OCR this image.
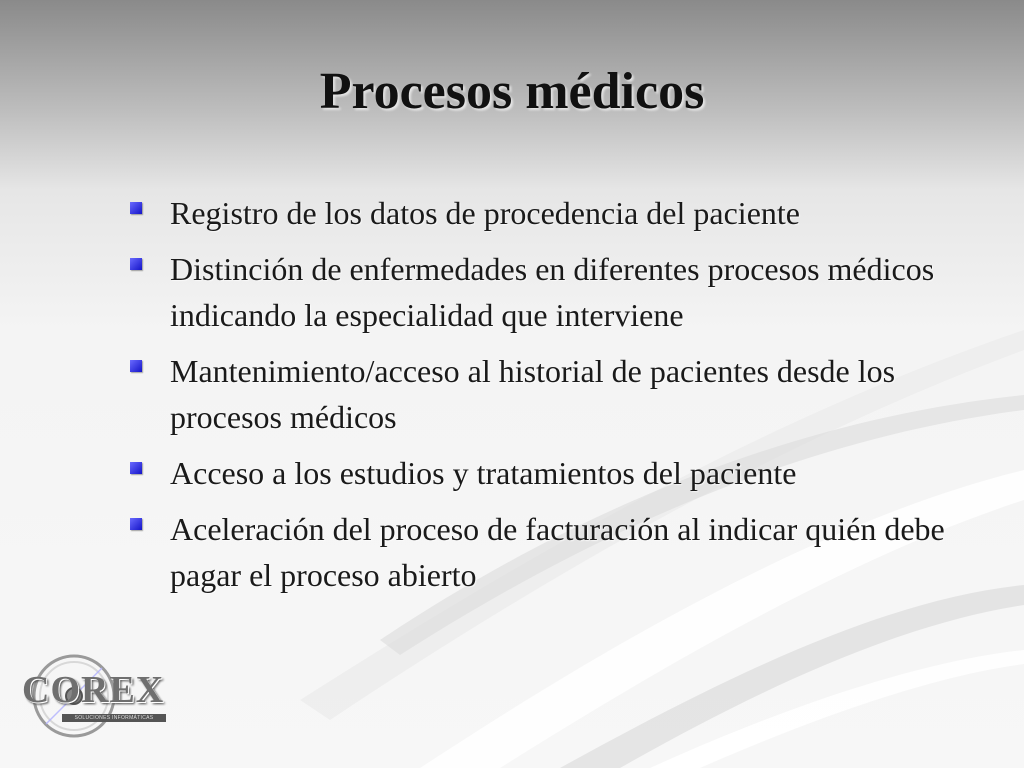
Procesos médicos
Registro de los datos de procedencia del paciente
Distinción de enfermedades en diferentes procesos médicos indicando la especialidad que interviene
Mantenimiento/acceso al historial de pacientes desde los procesos médicos
Acceso a los estudios y tratamientos del paciente
Aceleración del proceso de facturación al indicar quién debe pagar el proceso abierto
COREX
SOLUCIONES INFORMÁTICAS
